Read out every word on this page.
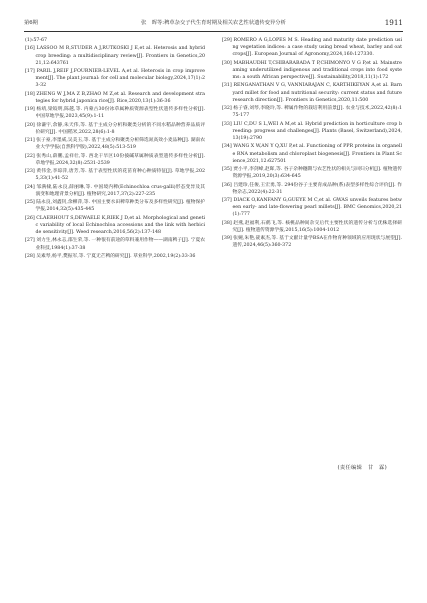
第6期	张　晖等:稗草杂交子代生育时期及相关农艺性状遗传变异分析	1911
(1):57-67
[16] LASSOO M R,STUDER A J,RUTKOSKI J E,et al. Heterosis and hybrid crop breeding: a multidisciplinary review[J]. Frontiers in Genetics,2021,12:643761
[17] PARIL J,REIF J,FOURNIER-LEVEL A,et al. Heterosis in crop improvement[J]. The plant journal: for cell and molecular biology,2024,17(1):23-32
[18] ZHENG W J,MA Z B,ZHAO M Z,et al. Research and development strategies for hybrid japonica rice[J]. Rice,2020,13(1):36-36
[19] 杨靖,梁皎明,陈越,等. 内蒙古30份冰草属种质资源表型性状遗传多样性分析[J]. 中国草地学报,2023,45(9):1-11
[20] 徐谦宇,余静,朱天伟,等. 基于主成分分析和聚类分析的不同水稻品种营养品质评价研究[J]. 中国稻米,2022,28(6):1-8
[21] 张子豪,李墨威,吴美玉,等. 基于主成分和聚类分析筛选氮高效小麦品种[J]. 湖南农业大学学报(自然科学版),2022,48(5):513-519
[22] 张秀山,薛鹏,孟祥壮,等. 西北干旱区10份披碱草属种质表型遗传多样性分析[J]. 草地学报,2024,32(8):2531-2539
[23] 黄伟金,李琼萍,唐芳,等. 基于表型性状的花苗育种心种质特征[J]. 草地学报,2025,33(1):41-52
[24] 邹满棣,陆永良,薛丽琳,等. 中国境内稗(Echinochloa crus-galli)形态变异及其演变和地理背景分析[J]. 植物研究,2017,37(2):227-235
[25] 陆永良,刘鑫钊,余柳萍,等. 中国主要水田稗草种类分布及多样性研究[J]. 植物保护学报,2014,32(5):435-445
[26] CLAERHOUT S,DEWAELE K,RIEK J D,et al. Morphological and genetic variability of local Echinochloa accessions and the link with herbicide sensitivity[J]. Weed research,2016,56(2):137-148
[27] 刘力生,林永志,邵生荣,等. 一种很有前途的草料兼用作物——湖南稗子[J]. 宁夏农业科技,1984(1):37-38
[28] 吴素琴,杨平,樊振军,等. 宁夏无芒稗的研究[J]. 草业科学,2002,19(2):33-36
[29] ROMERO A G,LOPES M S. Heading and maturity date prediction using vegetation indices: a case study using bread wheat, barley and oat crops[J]. European Journal of Agronomy,2024,160:127330.
[30] MABHAUDHI T,CHIBARABADA T P,CHIMONYO V G P,et al. Mainstreaming underutilized indigenous and traditional crops into food systems: a south African perspective[J]. Sustainability,2018,11(1):172
[31] RENGANATHAN V G, VANNIARAJAN C, KARTHIKEYAN A,et al. Barnyard millet for food and nutritional security: current status and future research direction[J]. Frontiers in Genetics,2020,11:500
[32] 杨子睿,刘琴,李晓玲,等. 稗属作物的栽培利用前景[J]. 农业与技术,2022,42(8):175-177
[33] LIU C,DU S L,WEI A M,et al. Hybrid prediction in horticulture crop breeding: progress and challenges[J]. Plants (Basel, Switzerland),2024,13(19):2790
[34] WANG X W,AN Y Q,XU P,et al. Functioning of PPR proteins in organelle RNA metabolism and chloroplast biogenesis[J]. Frontiers in Plant Science,2021,12:627501
[35] 贾小平,李剑峰,赵晖,等. 谷子杂种穗期与农艺性状的相关与回归分析[J]. 植物遗传资源学报,2019,20(3):634-645
[36] 吕建珍,任俊,王宏勇,等. 294份谷子主要育成品种(系)表型多样性综合评价[J]. 作物杂志,2022(4):22-31
[37] DIACK O,KANFANY G,GUEYE M C,et al. GWAS unveils features between early- and late-flowering pearl millets[J]. BMC Genomics,2020,21(1):777
[38] 赵燕,赵福利,石鹤飞,等. 核桃品种间杂交后代主要性状的遗传分析与优株选择研究[J]. 植物遗传资源学报,2015,16(5):1004-1012
[39] 张婉,朱艳,聂素杰,等. 基于文献计量学BSA在作物育种领域的应用现状与展望[J]. 遗传,2024,46(5):360-372
(责任编辑　甘　霖)
